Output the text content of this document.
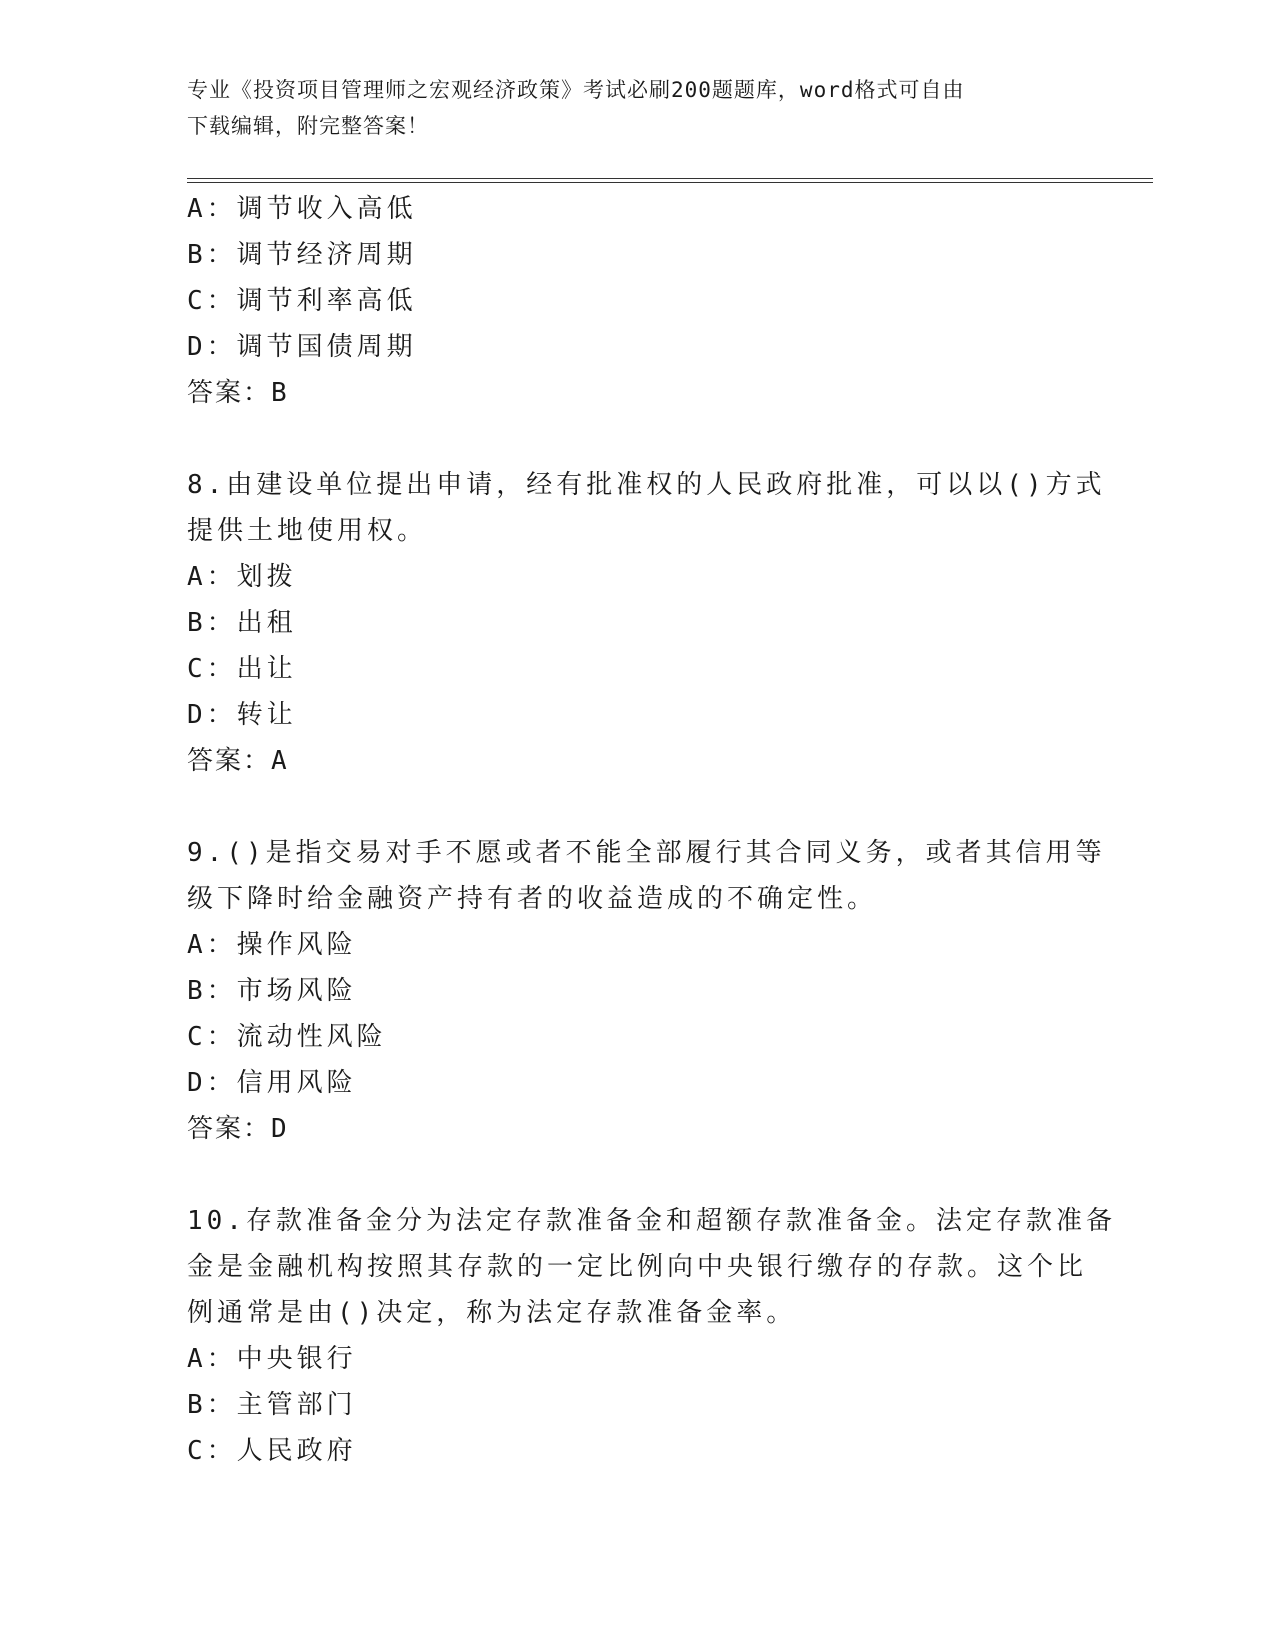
专业《投资项目管理师之宏观经济政策》考试必刷200题题库，word格式可自由
下载编辑，附完整答案！
A：调节收入高低
B：调节经济周期
C：调节利率高低
D：调节国债周期
答案：B
8.由建设单位提出申请，经有批准权的人民政府批准，可以以()方式
提供土地使用权。
A：划拨
B：出租
C：出让
D：转让
答案：A
9.()是指交易对手不愿或者不能全部履行其合同义务，或者其信用等
级下降时给金融资产持有者的收益造成的不确定性。
A：操作风险
B：市场风险
C：流动性风险
D：信用风险
答案：D
10.存款准备金分为法定存款准备金和超额存款准备金。法定存款准备
金是金融机构按照其存款的一定比例向中央银行缴存的存款。这个比
例通常是由()决定，称为法定存款准备金率。
A：中央银行
B：主管部门
C：人民政府
